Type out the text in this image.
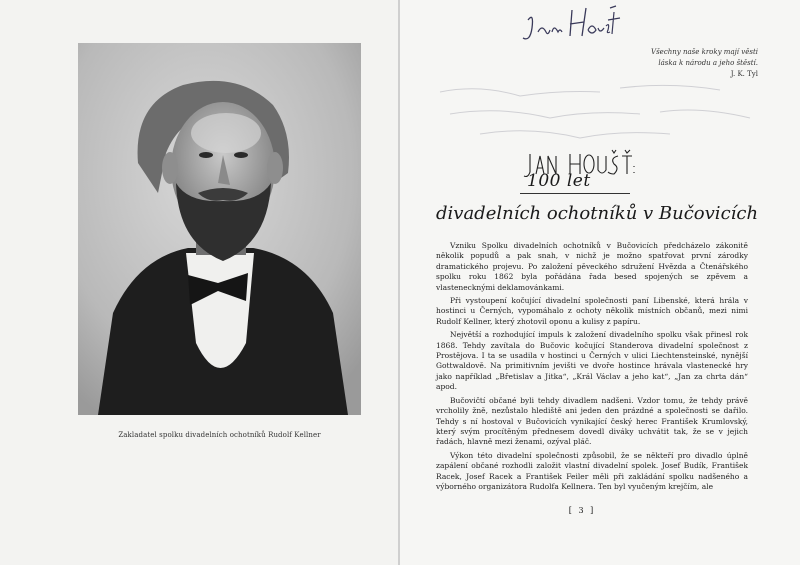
Zakladatel spolku divadelních ochotníků Rudolf Kellner
Všechny naše kroky mají věsti
láska k národu a jeho štěstí.
J. K. Tyl
100 let
divadelních ochotníků v Bučovicích

Vzniku Spolku divadelních ochotníků v Bučovicích předcházelo zákonitě několik popudů a pak snah, v nichž je možno spatřovat první zárodky dramatického projevu. Po založení pěveckého sdružení Hvězda a Čtenářského spolku roku 1862 byla pořádána řada besed spojených se zpěvem a vlastenecknými deklamovánkami.

Při vystoupení kočující divadelní společnosti paní Libenské, která hrála v hostinci u Černých, vypomáhalo z ochoty několik místních občanů, mezi nimi Rudolf Kellner, který zhotovil oponu a kulisy z papíru.

Největší a rozhodující impuls k založení divadelního spolku však přinesl rok 1868. Tehdy zavítala do Bučovic kočující Standerova divadelní společnost z Prostějova. I ta se usadila v hostinci u Černých v ulici Liechtensteinské, nynější Gottwaldově. Na primitivním jevišti ve dvoře hostince hrávala vlastenecké hry jako například „Břetislav a Jitka“, „Král Václav a jeho kat“, „Jan za chrta dán“ apod.

Bučovičtí občané byli tehdy divadlem nadšeni. Vzdor tomu, že tehdy právě vrcholily žně, nezůstalo hlediště ani jeden den prázdné a společnosti se dařilo. Tehdy s ní hostoval v Bučovicích vynikající český herec František Krumlovský, který svým procítěným přednesem dovedl diváky uchvátit tak, že se v jejich řadách, hlavně mezi ženami, ozýval pláč.

Výkon této divadelní společnosti způsobil, že se někteří pro divadlo úplně zapálení občané rozhodli založit vlastní divadelní spolek. Josef Budík, František Racek, Josef Racek a František Feiler měli při zakládání spolku nadšeného a výborného organizátora Rudolfa Kellnera. Ten byl vyučeným krejčím, ale

[ 3 ]
